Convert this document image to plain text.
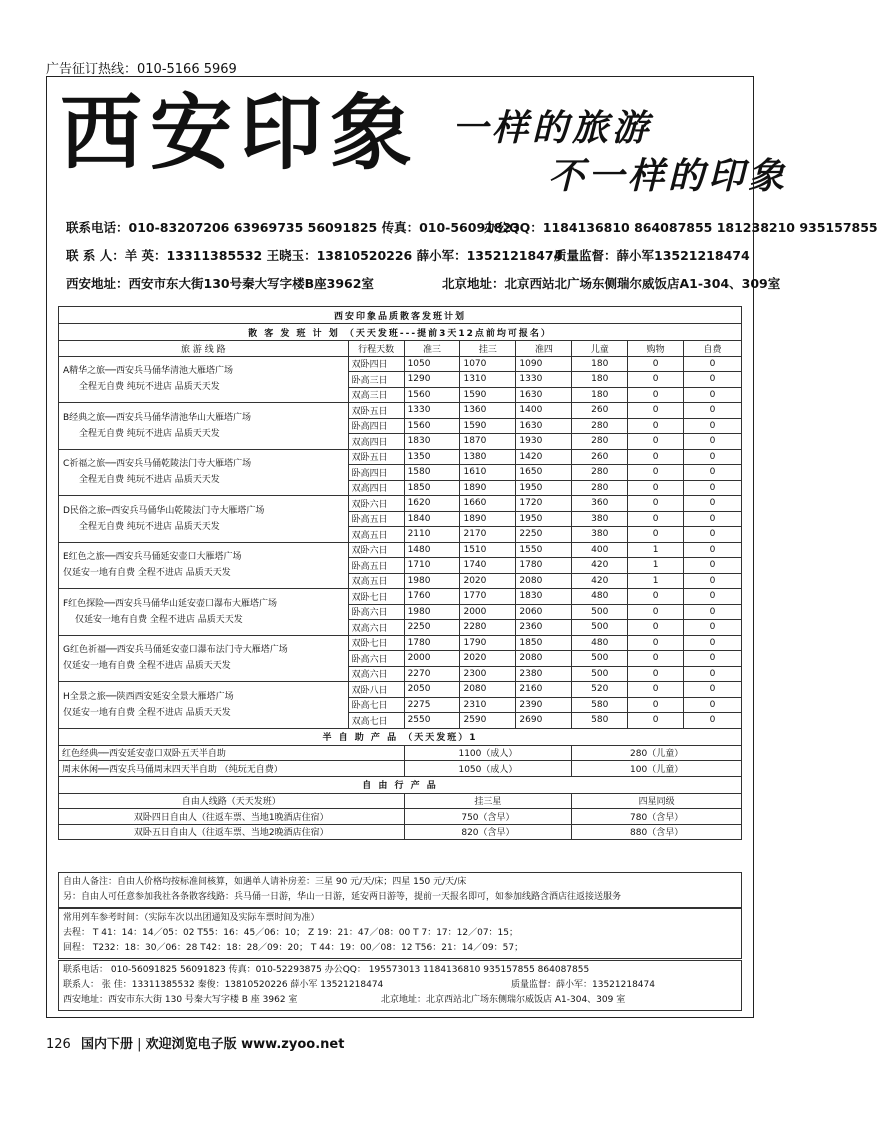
广告征订热线：010-5166 5969
西安印象 一样的旅游
不一样的印象
联系电话：010-83207206 63969735 56091825 传真：010-56091823
办公QQ：1184136810 864087855 181238210 935157855
联 系 人：羊 英：13311385532 王晓玉：13810520226 薛小军：13521218474
质量监督：薛小军13521218474
西安地址：西安市东大街130号秦大写字楼B座3962室	北京地址：北京西站北广场东侧瑞尔威饭店A1-304、309室
西安印象品质散客发班计划							
散 客 发 班 计 划 （天天发班---提前3天12点前均可报名）							
旅 游 线 路	行程天数	准三	挂三	准四	儿童	购物	自费

A精华之旅──西安兵马俑华清池大雁塔广场
全程无自费 纯玩不进店 品质天天发	双卧四日	1050	1070	1090	180	0	0
	卧高三日	1290	1310	1330	180	0	0
	双高三日	1560	1590	1630	180	0	0

B经典之旅──西安兵马俑华清池华山大雁塔广场
全程无自费 纯玩不进店 品质天天发	双卧五日	1330	1360	1400	260	0	0
	卧高四日	1560	1590	1630	280	0	0
	双高四日	1830	1870	1930	280	0	0

C祈福之旅──西安兵马俑乾陵法门寺大雁塔广场
全程无自费 纯玩不进店 品质天天发	双卧五日	1350	1380	1420	260	0	0
	卧高四日	1580	1610	1650	280	0	0
	双高四日	1850	1890	1950	280	0	0

D民俗之旅─西安兵马俑华山乾陵法门寺大雁塔广场
全程无自费 纯玩不进店 品质天天发	双卧六日	1620	1660	1720	360	0	0
	卧高五日	1840	1890	1950	380	0	0
	双高五日	2110	2170	2250	380	0	0

E红色之旅──西安兵马俑延安壶口大雁塔广场
仅延安一地有自费 全程不进店 品质天天发	双卧六日	1480	1510	1550	400	1	0
	卧高五日	1710	1740	1780	420	1	0
	双高五日	1980	2020	2080	420	1	0

F红色探险──西安兵马俑华山延安壶口瀑布大雁塔广场
仅延安一地有自费 全程不进店 品质天天发	双卧七日	1760	1770	1830	480	0	0
	卧高六日	1980	2000	2060	500	0	0
	双高六日	2250	2280	2360	500	0	0

G红色祈福──西安兵马俑延安壶口瀑布法门寺大雁塔广场
仅延安一地有自费 全程不进店 品质天天发	双卧七日	1780	1790	1850	480	0	0
	卧高六日	2000	2020	2080	500	0	0
	双高六日	2270	2300	2380	500	0	0

H全景之旅──陕西西安延安全景大雁塔广场
仅延安一地有自费 全程不进店 品质天天发	双卧八日	2050	2080	2160	520	0	0
	卧高七日	2275	2310	2390	580	0	0
	双高七日	2550	2590	2690	580	0	0
半 自 助 产 品 （天天发班）1							
红色经典──西安延安壶口双卧五天半自助		1100（成人）			280（儿童）		
周末休闲──西安兵马俑周末四天半自助 （纯玩无自费）		1050（成人）			100（儿童）		
自 由 行 产 品							
自由人线路（天天发班）		挂三星			四星同级		
双卧四日自由人（往返车票、当地1晚酒店住宿）		750（含早）			780（含早）		
双卧五日自由人（往返车票、当地2晚酒店住宿）		820（含早）			880（含早）		

自由人备注：自由人价格均按标准间核算，如遇单人请补房差：三星 90 元/天/床；四星 150 元/天/床

另：自由人可任意参加我社各条散客线路：兵马俑一日游，华山一日游，延安两日游等，提前一天报名即可，如参加线路含酒店往返接送服务

常用列车参考时间：（实际车次以出团通知及实际车票时间为准）

去程： T 41：14：14／05：02 T55：16：45／06：10； Z 19：21：47／08：00 T 7：17：12／07：15；

回程： T232：18：30／06：28 T42：18：28／09：20； T 44：19：00／08：12 T56：21：14／09：57；

联系电话： 010-56091825 56091823 传真：010-52293875 办公QQ： 195573013 1184136810 935157855 864087855

联系人： 张 佳：13311385532 秦俊：13810520226 薛小军 13521218474	质量监督：薛小军：13521218474

西安地址：西安市东大街 130 号秦大写字楼 B 座 3962 室	北京地址：北京西站北广场东侧瑞尔威饭店 A1-304、309 室

126 国内下册 | 欢迎浏览电子版 www.zyoo.net
